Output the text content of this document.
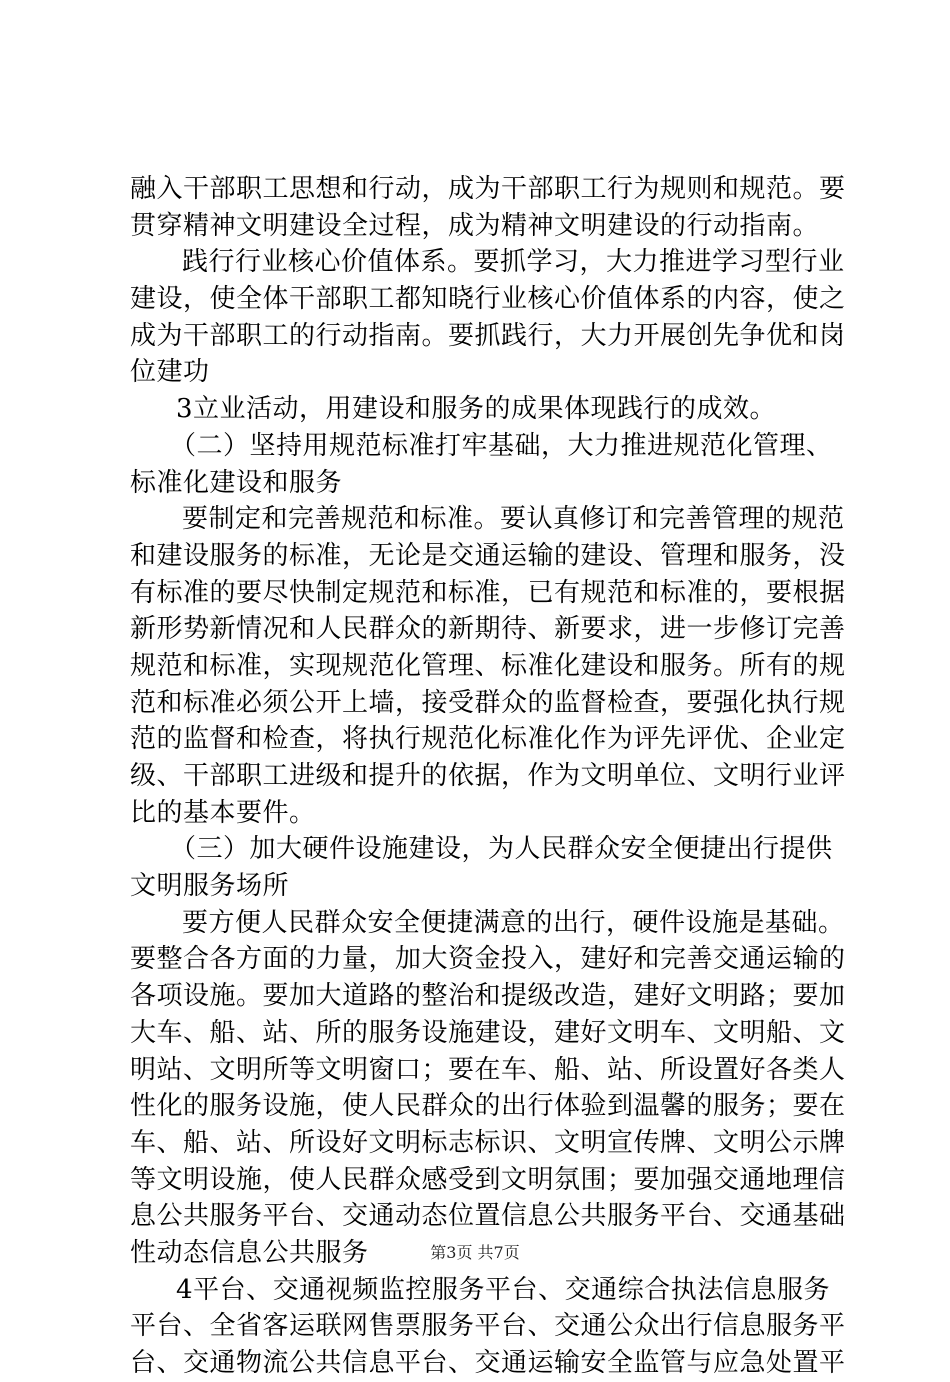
融入干部职工思想和行动，成为干部职工行为规则和规范。要
贯穿精神文明建设全过程，成为精神文明建设的行动指南。
践行行业核心价值体系。要抓学习，大力推进学习型行业
建设，使全体干部职工都知晓行业核心价值体系的内容，使之
成为干部职工的行动指南。要抓践行，大力开展创先争优和岗
位建功
3立业活动，用建设和服务的成果体现践行的成效。
（二）坚持用规范标准打牢基础，大力推进规范化管理、
标准化建设和服务
要制定和完善规范和标准。要认真修订和完善管理的规范
和建设服务的标准，无论是交通运输的建设、管理和服务，没
有标准的要尽快制定规范和标准，已有规范和标准的，要根据
新形势新情况和人民群众的新期待、新要求，进一步修订完善
规范和标准，实现规范化管理、标准化建设和服务。所有的规
范和标准必须公开上墙，接受群众的监督检查，要强化执行规
范的监督和检查，将执行规范化标准化作为评先评优、企业定
级、干部职工进级和提升的依据，作为文明单位、文明行业评
比的基本要件。
（三）加大硬件设施建设，为人民群众安全便捷出行提供
文明服务场所
要方便人民群众安全便捷满意的出行，硬件设施是基础。
要整合各方面的力量，加大资金投入，建好和完善交通运输的
各项设施。要加大道路的整治和提级改造，建好文明路；要加
大车、船、站、所的服务设施建设，建好文明车、文明船、文
明站、文明所等文明窗口；要在车、船、站、所设置好各类人
性化的服务设施，使人民群众的出行体验到温馨的服务；要在
车、船、站、所设好文明标志标识、文明宣传牌、文明公示牌
等文明设施，使人民群众感受到文明氛围；要加强交通地理信
息公共服务平台、交通动态位置信息公共服务平台、交通基础
性动态信息公共服务
4平台、交通视频监控服务平台、交通综合执法信息服务
平台、全省客运联网售票服务平台、交通公众出行信息服务平
台、交通物流公共信息平台、交通运输安全监管与应急处置平
第3页 共7页
